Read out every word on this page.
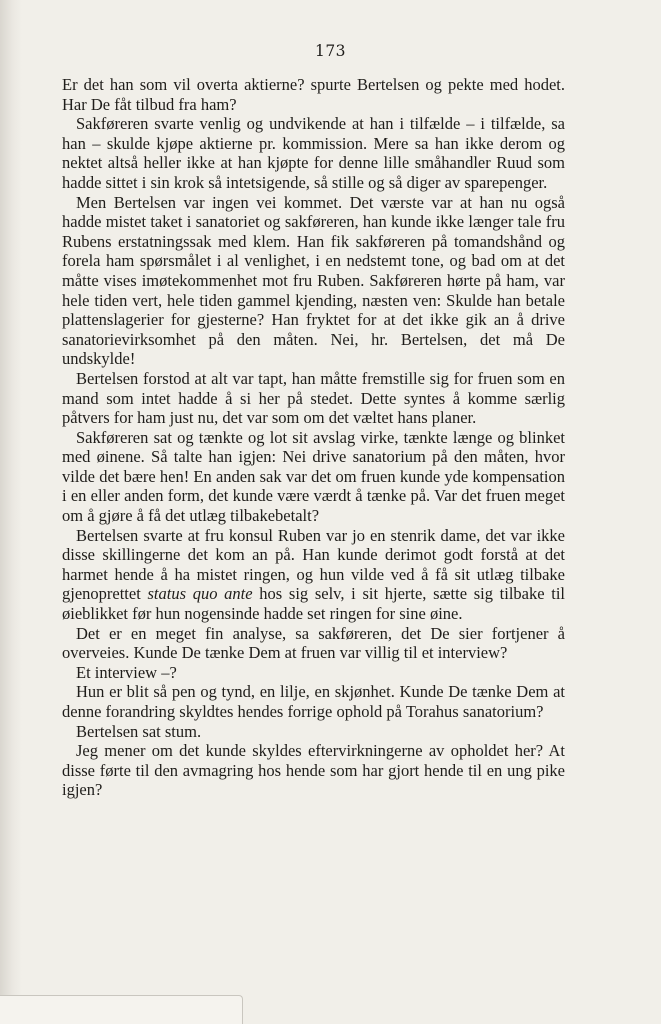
173

Er det han som vil overta aktierne? spurte Bertelsen og pekte med hodet. Har De fåt tilbud fra ham?

Sakføreren svarte venlig og undvikende at han i tilfælde – i tilfælde, sa han – skulde kjøpe aktierne pr. kommission. Mere sa han ikke derom og nektet altså heller ikke at han kjøpte for denne lille småhandler Ruud som hadde sittet i sin krok så intetsigende, så stille og så diger av sparepenger.

Men Bertelsen var ingen vei kommet. Det værste var at han nu også hadde mistet taket i sanatoriet og sakføreren, han kunde ikke længer tale fru Rubens erstatningssak med klem. Han fik sakføreren på tomandshånd og forela ham spørsmålet i al venlighet, i en nedstemt tone, og bad om at det måtte vises imøtekommenhet mot fru Ruben. Sakføreren hørte på ham, var hele tiden vert, hele tiden gammel kjending, næsten ven: Skulde han betale plattenslagerier for gjesterne? Han fryktet for at det ikke gik an å drive sanatorievirksomhet på den måten. Nei, hr. Bertelsen, det må De undskylde!

Bertelsen forstod at alt var tapt, han måtte fremstille sig for fruen som en mand som intet hadde å si her på stedet. Dette syntes å komme særlig påtvers for ham just nu, det var som om det væltet hans planer.

Sakføreren sat og tænkte og lot sit avslag virke, tænkte længe og blinket med øinene. Så talte han igjen: Nei drive sanatorium på den måten, hvor vilde det bære hen! En anden sak var det om fruen kunde yde kompensation i en eller anden form, det kunde være værdt å tænke på. Var det fruen meget om å gjøre å få det utlæg tilbakebetalt?

Bertelsen svarte at fru konsul Ruben var jo en stenrik dame, det var ikke disse skillingerne det kom an på. Han kunde derimot godt forstå at det harmet hende å ha mistet ringen, og hun vilde ved å få sit utlæg tilbake gjenoprettet status quo ante hos sig selv, i sit hjerte, sætte sig tilbake til øieblikket før hun nogensinde hadde set ringen for sine øine.

Det er en meget fin analyse, sa sakføreren, det De sier fortjener å overveies. Kunde De tænke Dem at fruen var villig til et interview?

Et interview –?

Hun er blit så pen og tynd, en lilje, en skjønhet. Kunde De tænke Dem at denne forandring skyldtes hendes forrige ophold på Torahus sanatorium?

Bertelsen sat stum.

Jeg mener om det kunde skyldes eftervirkningerne av opholdet her? At disse førte til den avmagring hos hende som har gjort hende til en ung pike igjen?
